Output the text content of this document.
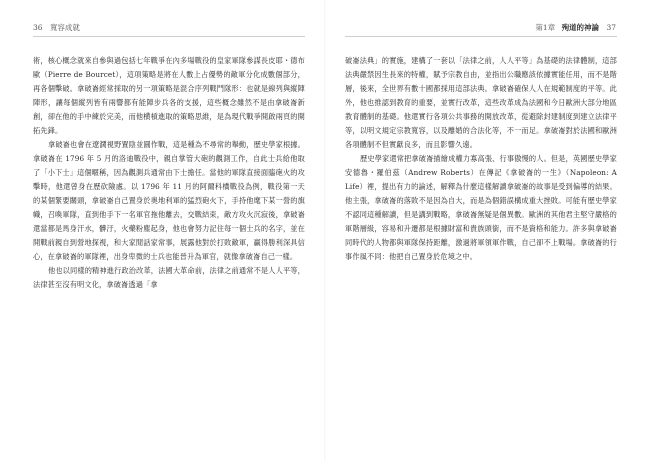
36 寬容成就	第1章 殉道的神論 37

術，核心概念就來自參與過包括七年戰爭在內多場戰役的皇家軍隊參謀長皮耶・德布歐（Pierre de Bourcet），這項策略是將在人數上占優勢的敵軍分化成數個部分，再各個擊破。拿破崙經常採取的另一項策略是混合序列戰鬥隊形：也就是線列與縱陣陣形，讓每個縱列皆有兩響都有能陣步兵各的支援，這些概念雖然不是由拿破崙新創，卻在他的手中練於完美，而他横槓進取的策略思維，是為現代戰爭開啟兩頁的開拓先鋒。

拿破崙也會在遼濶視野置陰並圓作戰，這是種為不尋常的舉動，歷史學家根據。拿破崙在 1796 年 5 月的洛迪戰役中，親自掌管大砲的觀測工作，自此士兵給他取了「小下士」這個暱稱，因為觀測兵通常由下士擔任。當他的軍隊直接面臨砲火的攻擊時，他還曾身在歷砍險處。以 1796 年 11 月的阿爾科橋戰役為例，戰役第一天的某個緊要關頭，拿破崙自己置身於奧地利軍的猛烈砲火下，手持他麾下某一營的旗幟，召喚軍隊，直到他手下一名軍官拖他離去，交戰結束，敵方攻火沉寂後，拿破崙還當都是馬身汗水，髒汙，火藥粉塵起身，他也會努力記住每一個士兵的名字，並在開戰前親自到營地探視，和大家閒話家常事，展露他對於打敗敵軍，贏得勝利深具信心，在拿破崙的軍隊裡，出身卑微的士兵也能晉升為軍官，就像拿破崙自己一樣。

他也以同樣的精神進行政治改革，法國大革命前，法律之前通常不是人人平等，法律甚至沒有明文化，拿破崙透過「拿

破崙法典」的實施，建構了一套以「法律之前，人人平等」為基礎的法律體制，這部法典嚴禁因生長來的特權，賦予宗教自由，並指出公職應該依據實能任用，而不是階層，後來，全世界有數十國都採用這部法典。拿破崙確保人人在規範制度的平等。此外，他也推認到教育的重要，並實行改革，這些改革成為法國和今日歐洲大部分地區教育體制的基礎。他還實行各項公共事務的開放改革，從避除封建制度到建立法律平等，以明文規定宗教寬容，以及離婚的合法化等，不一而足。拿破崙對於法國和歐洲各項體制不但實獻良多，而且影響久遠。

歷史學家還常把拿破崙描繪成權力寡高張、行事傲慢的人。但是，英國歷史學家安德魯・羅伯茲（Andrew Roberts）在傳記《拿破崙的一生》（Napoleon: A Life）裡，提出有力的論述，解釋為什麼這樣解讀拿破崙的故事是受到偏導的結果。他主張，拿破崙的落敗不是因為自大，而是為個錯誤構成重大挫敗。可能有歷史學家不認同這種解讀，但是講到戰略，拿破崙無疑是個異數。歐洲的其他君主堅守嚴格的軍階層級，容易和升遷都是根據財富和貴族頭銜，而不是資格和能力。許多與拿破崙同時代的人物都與軍隊保持距離，激過將軍領軍作戰，自己卻不上戰場。拿破崙的行事作風不同：他把自己置身於危境之中。
